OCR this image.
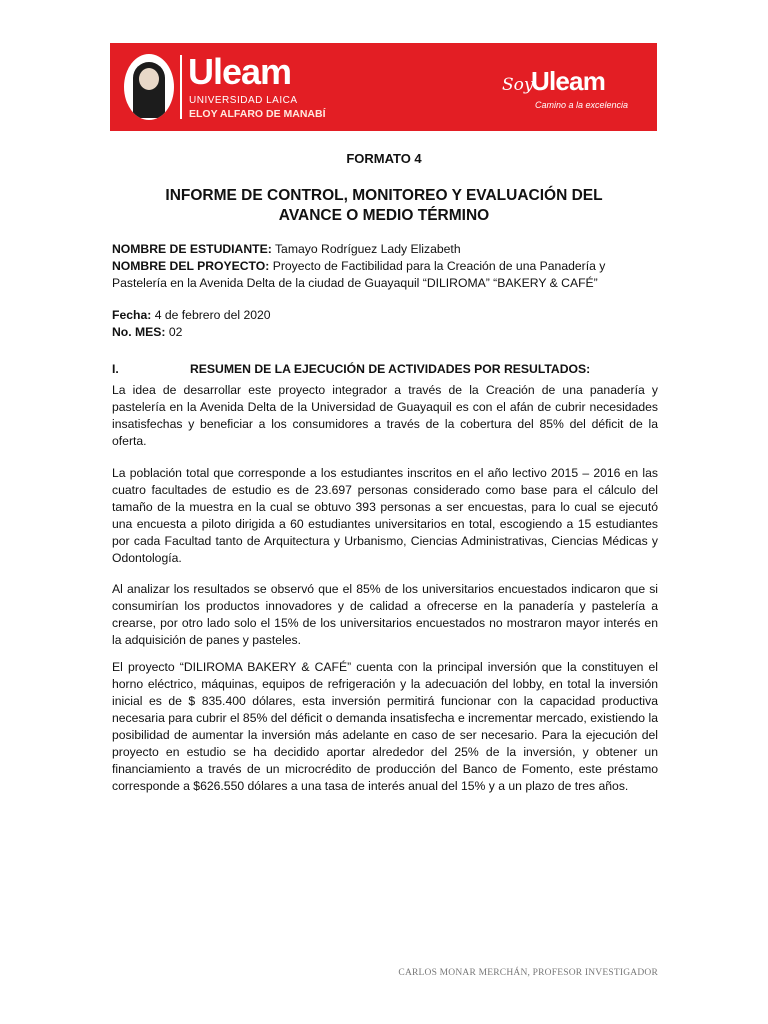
Uleam
UNIVERSIDAD LAICA
ELOY ALFARO DE MANABÍ
Soy
Uleam
Camino a la excelencia
FORMATO 4
INFORME DE CONTROL, MONITOREO Y EVALUACIÓN DEL
AVANCE O MEDIO TÉRMINO
NOMBRE DE ESTUDIANTE: Tamayo Rodríguez Lady Elizabeth
NOMBRE DEL PROYECTO: Proyecto de Factibilidad para la Creación de una Panadería y
Pastelería en la Avenida Delta de la ciudad de Guayaquil “DILIROMA” “BAKERY & CAFÉ”
Fecha: 4 de febrero del 2020
No. MES: 02
I.	RESUMEN DE LA EJECUCIÓN DE ACTIVIDADES POR RESULTADOS:
La idea de desarrollar este proyecto integrador a través de la Creación de una panadería y pastelería en la Avenida Delta de la Universidad de Guayaquil es con el afán de cubrir necesidades insatisfechas y beneficiar a los consumidores a través de la cobertura del 85% del déficit de la oferta.
La población total que corresponde a los estudiantes inscritos en el año lectivo 2015 – 2016 en las cuatro facultades de estudio es de 23.697 personas considerado como base para el cálculo del tamaño de la muestra en la cual se obtuvo 393 personas a ser encuestas, para lo cual se ejecutó una encuesta a piloto dirigida a 60 estudiantes universitarios en total, escogiendo a 15 estudiantes por cada Facultad tanto de Arquitectura y Urbanismo, Ciencias Administrativas, Ciencias Médicas y Odontología.
Al analizar los resultados se observó que el 85% de los universitarios encuestados indicaron que si consumirían los productos innovadores y de calidad a ofrecerse en la panadería y pastelería a crearse, por otro lado solo el 15% de los universitarios encuestados no mostraron mayor interés en la adquisición de panes y pasteles.
El proyecto “DILIROMA BAKERY & CAFÉ” cuenta con la principal inversión que la constituyen el horno eléctrico, máquinas, equipos de refrigeración y la adecuación del lobby, en total la inversión inicial es de $ 835.400 dólares, esta inversión permitirá funcionar con la capacidad productiva necesaria para cubrir el 85% del déficit o demanda insatisfecha e incrementar mercado, existiendo la posibilidad de aumentar la inversión más adelante en caso de ser necesario. Para la ejecución del proyecto en estudio se ha decidido aportar alrededor del 25% de la inversión, y obtener un financiamiento a través de un microcrédito de producción del Banco de Fomento, este préstamo corresponde a $626.550 dólares a una tasa de interés anual del 15% y a un plazo de tres años.
CARLOS MONAR MERCHÁN, PROFESOR INVESTIGADOR
